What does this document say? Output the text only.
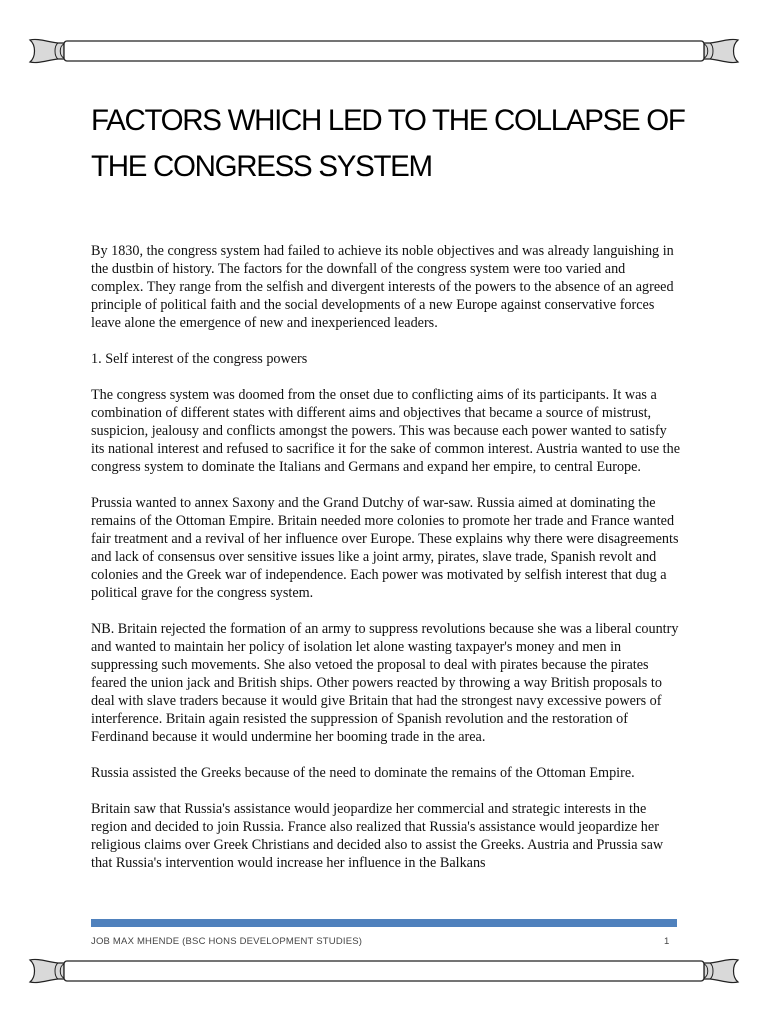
FACTORS WHICH LED TO THE COLLAPSE OF THE CONGRESS SYSTEM

By 1830, the congress system had failed to achieve its noble objectives and was already languishing in the dustbin of history. The factors for the downfall of the congress system were too varied and complex. They range from the selfish and divergent interests of the powers to the absence of an agreed principle of political faith and the social developments of a new Europe against conservative forces leave alone the emergence of new and inexperienced leaders.

1. Self interest of the congress powers

The congress system was doomed from the onset due to conflicting aims of its participants. It was a combination of different states with different aims and objectives that became a source of mistrust, suspicion, jealousy and conflicts amongst the powers. This was because each power wanted to satisfy its national interest and refused to sacrifice it for the sake of common interest. Austria wanted to use the congress system to dominate the Italians and Germans and expand her empire, to central Europe.

Prussia wanted to annex Saxony and the Grand Dutchy of war-saw. Russia aimed at dominating the remains of the Ottoman Empire. Britain needed more colonies to promote her trade and France wanted fair treatment and a revival of her influence over Europe. These explains why there were disagreements and lack of consensus over sensitive issues like a joint army, pirates, slave trade, Spanish revolt and colonies and the Greek war of independence. Each power was motivated by selfish interest that dug a political grave for the congress system.

NB. Britain rejected the formation of an army to suppress revolutions because she was a liberal country and wanted to maintain her policy of isolation let alone wasting taxpayer's money and men in suppressing such movements. She also vetoed the proposal to deal with pirates because the pirates feared the union jack and British ships. Other powers reacted by throwing a way British proposals to deal with slave traders because it would give Britain that had the strongest navy excessive powers of interference. Britain again resisted the suppression of Spanish revolution and the restoration of Ferdinand because it would undermine her booming trade in the area.

Russia assisted the Greeks because of the need to dominate the remains of the Ottoman Empire.

Britain saw that Russia's assistance would jeopardize her commercial and strategic interests in the region and decided to join Russia. France also realized that Russia's assistance would jeopardize her religious claims over Greek Christians and decided also to assist the Greeks. Austria and Prussia saw that Russia's intervention would increase her influence in the Balkans

JOB MAX MHENDE (BSC HONS DEVELOPMENT STUDIES)	1
